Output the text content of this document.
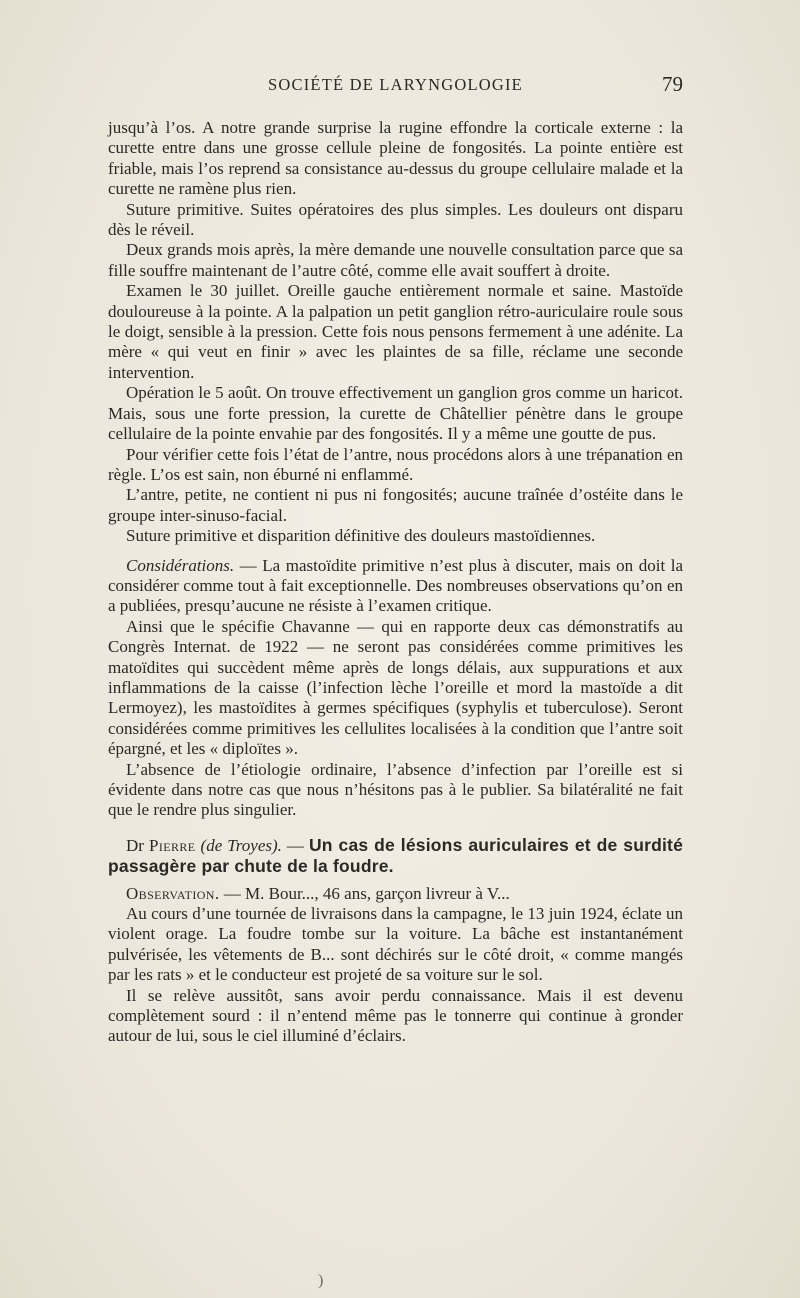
SOCIÉTÉ DE LARYNGOLOGIE	79

jusqu’à l’os. A notre grande surprise la rugine effondre la corticale externe : la curette entre dans une grosse cellule pleine de fongosités. La pointe entière est friable, mais l’os reprend sa consistance au-dessus du groupe cellulaire malade et la curette ne ramène plus rien.

Suture primitive. Suites opératoires des plus simples. Les douleurs ont disparu dès le réveil.

Deux grands mois après, la mère demande une nouvelle consultation parce que sa fille souffre maintenant de l’autre côté, comme elle avait souffert à droite.

Examen le 30 juillet. Oreille gauche entièrement normale et saine. Mastoïde douloureuse à la pointe. A la palpation un petit ganglion rétro-auriculaire roule sous le doigt, sensible à la pression. Cette fois nous pensons fermement à une adénite. La mère « qui veut en finir » avec les plaintes de sa fille, réclame une seconde intervention.

Opération le 5 août. On trouve effectivement un ganglion gros comme un haricot. Mais, sous une forte pression, la curette de Châtellier pénètre dans le groupe cellulaire de la pointe envahie par des fongosités. Il y a même une goutte de pus.

Pour vérifier cette fois l’état de l’antre, nous procédons alors à une trépanation en règle. L’os est sain, non éburné ni enflammé.

L’antre, petite, ne contient ni pus ni fongosités; aucune traînée d’ostéite dans le groupe inter-sinuso-facial.

Suture primitive et disparition définitive des douleurs mastoïdiennes.

Considérations. — La mastoïdite primitive n’est plus à discuter, mais on doit la considérer comme tout à fait exceptionnelle. Des nombreuses observations qu’on en a publiées, presqu’aucune ne résiste à l’examen critique.

Ainsi que le spécifie Chavanne — qui en rapporte deux cas démonstratifs au Congrès Internat. de 1922 — ne seront pas considérées comme primitives les matoïdites qui succèdent même après de longs délais, aux suppurations et aux inflammations de la caisse (l’infection lèche l’oreille et mord la mastoïde a dit Lermoyez), les mastoïdites à germes spécifiques (syphylis et tuberculose). Seront considérées comme primitives les cellulites localisées à la condition que l’antre soit épargné, et les « diploïtes ».

L’absence de l’étiologie ordinaire, l’absence d’infection par l’oreille est si évidente dans notre cas que nous n’hésitons pas à le publier. Sa bilatéralité ne fait que le rendre plus singulier.

Dr Pierre (de Troyes). — Un cas de lésions auriculaires et de surdité passagère par chute de la foudre.

Observation. — M. Bour..., 46 ans, garçon livreur à V...

Au cours d’une tournée de livraisons dans la campagne, le 13 juin 1924, éclate un violent orage. La foudre tombe sur la voiture. La bâche est instantanément pulvérisée, les vêtements de B... sont déchirés sur le côté droit, « comme mangés par les rats » et le conducteur est projeté de sa voiture sur le sol.

Il se relève aussitôt, sans avoir perdu connaissance. Mais il est devenu complètement sourd : il n’entend même pas le tonnerre qui continue à gronder autour de lui, sous le ciel illuminé d’éclairs.

)
